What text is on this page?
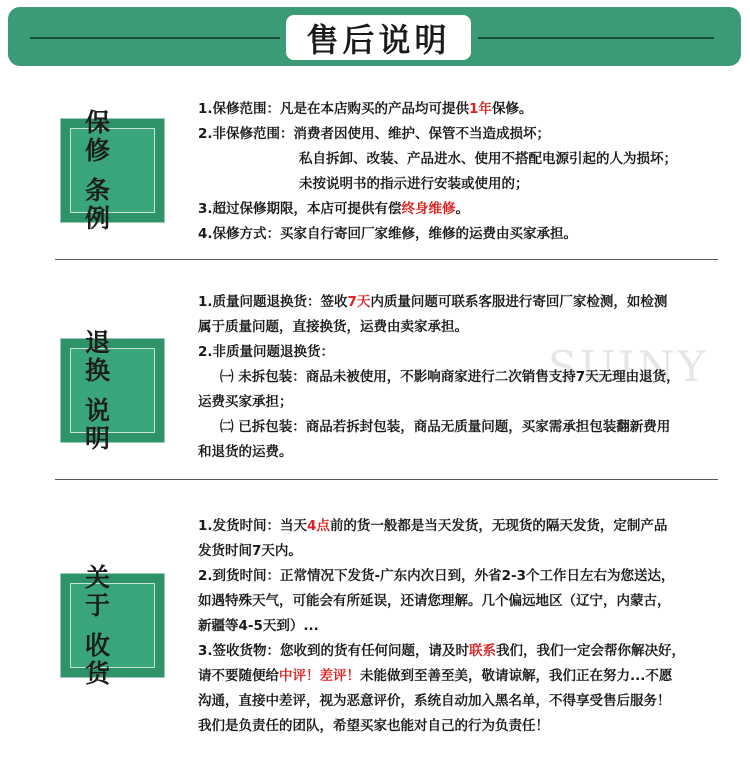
售后说明
SUINY
保 修
条 例

1.保修范围：凡是在本店购买的产品均可提供1年保修。

2.非保修范围：消费者因使用、维护、保管不当造成损坏；

私自拆卸、改装、产品进水、使用不搭配电源引起的人为损坏；

未按说明书的指示进行安装或使用的；

3.超过保修期限，本店可提供有偿终身维修。

4.保修方式：买家自行寄回厂家维修，维修的运费由买家承担。

退 换
说 明

1.质量问题退换货：签收7天内质量问题可联系客服进行寄回厂家检测，如检测

属于质量问题，直接换货，运费由卖家承担。

2.非质量问题退换货：

㈠ 未拆包装：商品未被使用，不影响商家进行二次销售支持7天无理由退货，

运费买家承担；

㈡ 已拆包装：商品若拆封包装，商品无质量问题，买家需承担包装翻新费用

和退货的运费。

关 于
收 货

1.发货时间：当天4点前的货一般都是当天发货，无现货的隔天发货，定制产品

发货时间7天内。

2.到货时间：正常情况下发货-广东内次日到，外省2-3个工作日左右为您送达，

如遇特殊天气，可能会有所延误，还请您理解。几个偏远地区（辽宁，内蒙古，

新疆等4-5天到）...

3.签收货物：您收到的货有任何问题，请及时联系我们，我们一定会帮你解决好，

请不要随便给中评！差评！未能做到至善至美，敬请谅解，我们正在努力...不愿

沟通，直接中差评，视为恶意评价，系统自动加入黑名单，不得享受售后服务！

我们是负责任的团队，希望买家也能对自己的行为负责任！
